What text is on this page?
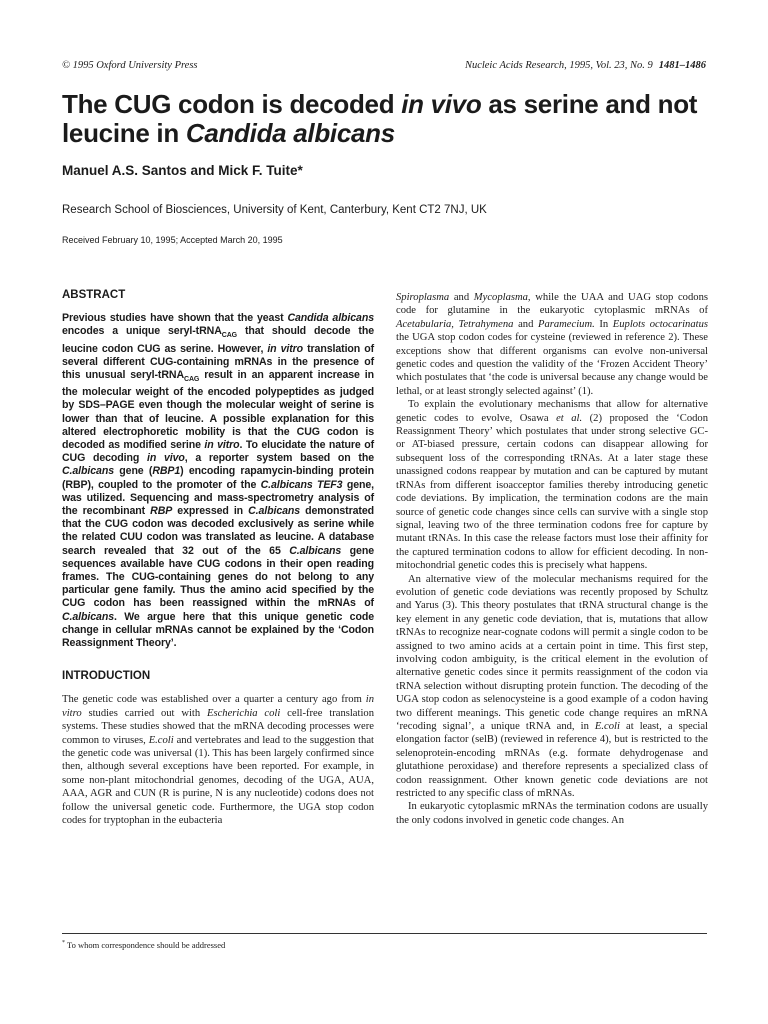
© 1995 Oxford University Press	Nucleic Acids Research, 1995, Vol. 23, No. 9 1481–1486
The CUG codon is decoded in vivo as serine and not leucine in Candida albicans
Manuel A.S. Santos and Mick F. Tuite*
Research School of Biosciences, University of Kent, Canterbury, Kent CT2 7NJ, UK
Received February 10, 1995; Accepted March 20, 1995
ABSTRACT

Previous studies have shown that the yeast Candida albicans encodes a unique seryl-tRNA$_{CAG}$ that should decode the leucine codon CUG as serine. However, in vitro translation of several different CUG-containing mRNAs in the presence of this unusual seryl-tRNA$_{CAG}$ result in an apparent increase in the molecular weight of the encoded polypeptides as judged by SDS–PAGE even though the molecular weight of serine is lower than that of leucine. A possible explanation for this altered electrophoretic mobility is that the CUG codon is decoded as modified serine in vitro. To elucidate the nature of CUG decoding in vivo, a reporter system based on the C.albicans gene (RBP1) encoding rapamycin-binding protein (RBP), coupled to the promoter of the C.albicans TEF3 gene, was utilized. Sequencing and mass-spectrometry analysis of the recombinant RBP expressed in C.albicans demonstrated that the CUG codon was decoded exclusively as serine while the related CUU codon was translated as leucine. A database search revealed that 32 out of the 65 C.albicans gene sequences available have CUG codons in their open reading frames. The CUG-containing genes do not belong to any particular gene family. Thus the amino acid specified by the CUG codon has been reassigned within the mRNAs of C.albicans. We argue here that this unique genetic code change in cellular mRNAs cannot be explained by the ‘Codon Reassignment Theory’.

INTRODUCTION

The genetic code was established over a quarter a century ago from in vitro studies carried out with Escherichia coli cell-free translation systems. These studies showed that the mRNA decoding processes were common to viruses, E.coli and vertebrates and lead to the suggestion that the genetic code was universal (1). This has been largely confirmed since then, although several exceptions have been reported. For example, in some non-plant mitochondrial genomes, decoding of the UGA, AUA, AAA, AGR and CUN (R is purine, N is any nucleotide) codons does not follow the universal genetic code. Furthermore, the UGA stop codon codes for tryptophan in the eubacteria

Spiroplasma and Mycoplasma, while the UAA and UAG stop codons code for glutamine in the eukaryotic cytoplasmic mRNAs of Acetabularia, Tetrahymena and Paramecium. In Euplots octocarinatus the UGA stop codon codes for cysteine (reviewed in reference 2). These exceptions show that different organisms can evolve non-universal genetic codes and question the validity of the ‘Frozen Accident Theory’ which postulates that ‘the code is universal because any change would be lethal, or at least strongly selected against’ (1).

To explain the evolutionary mechanisms that allow for alternative genetic codes to evolve, Osawa et al. (2) proposed the ‘Codon Reassignment Theory’ which postulates that under strong selective GC- or AT-biased pressure, certain codons can disappear allowing for subsequent loss of the corresponding tRNAs. At a later stage these unassigned codons reappear by mutation and can be captured by mutant tRNAs from different isoacceptor families thereby introducing genetic code deviations. By implication, the termination codons are the main source of genetic code changes since cells can survive with a single stop signal, leaving two of the three termination codons free for capture by mutant tRNAs. In this case the release factors must lose their affinity for the captured termination codons to allow for efficient decoding. In non-mitochondrial genetic codes this is precisely what happens.

An alternative view of the molecular mechanisms required for the evolution of genetic code deviations was recently proposed by Schultz and Yarus (3). This theory postulates that tRNA structural change is the key element in any genetic code deviation, that is, mutations that allow tRNAs to recognize near-cognate codons will permit a single codon to be assigned to two amino acids at a certain point in time. This first step, involving codon ambiguity, is the critical element in the evolution of alternative genetic codes since it permits reassignment of the codon via tRNA selection without disrupting protein function. The decoding of the UGA stop codon as selenocysteine is a good example of a codon having two different meanings. This genetic code change requires an mRNA ‘recoding signal’, a unique tRNA and, in E.coli at least, a special elongation factor (selB) (reviewed in reference 4), but is restricted to the selenoprotein-encoding mRNAs (e.g. formate dehydrogenase and glutathione peroxidase) and therefore represents a specialized class of codon reassignment. Other known genetic code deviations are not restricted to any specific class of mRNAs.

In eukaryotic cytoplasmic mRNAs the termination codons are usually the only codons involved in genetic code changes. An

* To whom correspondence should be addressed
